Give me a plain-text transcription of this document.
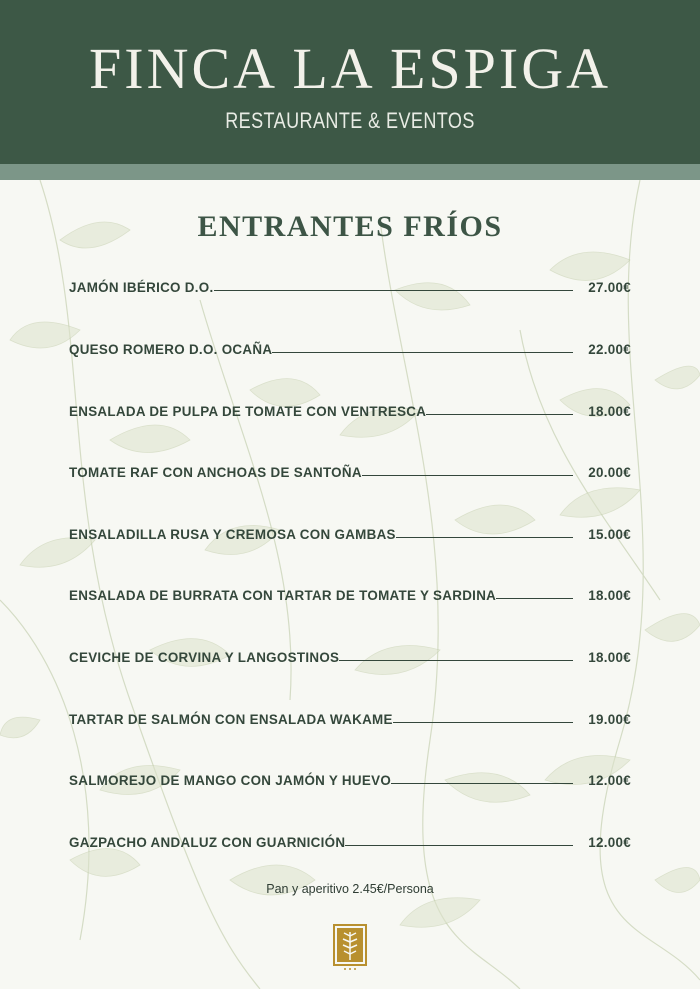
FINCA LA ESPIGA
RESTAURANTE & EVENTOS
ENTRANTES FRÍOS
JAMÓN IBÉRICO D.O.	27.00€
QUESO ROMERO D.O. OCAÑA	22.00€
ENSALADA DE PULPA DE TOMATE CON VENTRESCA	18.00€
TOMATE RAF CON ANCHOAS DE SANTOÑA	20.00€
ENSALADILLA RUSA Y CREMOSA CON GAMBAS	15.00€
ENSALADA DE BURRATA CON TARTAR DE TOMATE Y SARDINA	18.00€
CEVICHE DE CORVINA Y LANGOSTINOS	18.00€
TARTAR DE SALMÓN CON ENSALADA WAKAME	19.00€
SALMOREJO DE MANGO CON JAMÓN Y HUEVO	12.00€
GAZPACHO ANDALUZ CON GUARNICIÓN	12.00€
Pan y aperitivo 2.45€/Persona
